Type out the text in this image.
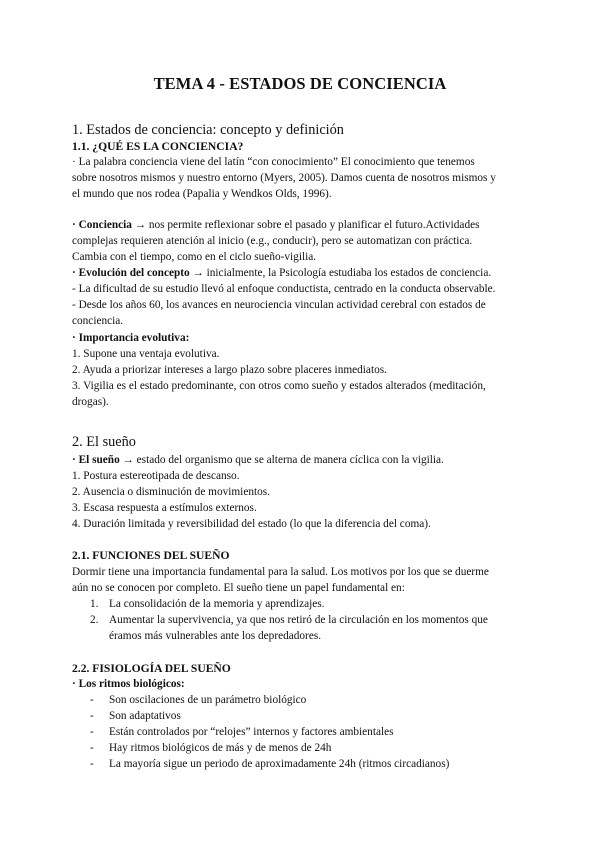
TEMA 4 - ESTADOS DE CONCIENCIA
1. Estados de conciencia: concepto y definición
1.1. ¿QUÉ ES LA CONCIENCIA?
· La palabra conciencia viene del latín “con conocimiento” El conocimiento que tenemos
sobre nosotros mismos y nuestro entorno (Myers, 2005). Damos cuenta de nosotros mismos y
el mundo que nos rodea (Papalia y Wendkos Olds, 1996).
· Conciencia → nos permite reflexionar sobre el pasado y planificar el futuro.Actividades
complejas requieren atención al inicio (e.g., conducir), pero se automatizan con práctica.
Cambia con el tiempo, como en el ciclo sueño-vigilia.
· Evolución del concepto → inicialmente, la Psicología estudiaba los estados de conciencia.
- La dificultad de su estudio llevó al enfoque conductista, centrado en la conducta observable.
- Desde los años 60, los avances en neurociencia vinculan actividad cerebral con estados de
conciencia.
· Importancia evolutiva:
1. Supone una ventaja evolutiva.
2. Ayuda a priorizar intereses a largo plazo sobre placeres inmediatos.
3. Vigilia es el estado predominante, con otros como sueño y estados alterados (meditación,
drogas).
2. El sueño
· El sueño → estado del organismo que se alterna de manera cíclica con la vigilia.
1. Postura estereotipada de descanso.
2. Ausencia o disminución de movimientos.
3. Escasa respuesta a estímulos externos.
4. Duración limitada y reversibilidad del estado (lo que la diferencia del coma).
2.1. FUNCIONES DEL SUEÑO
Dormir tiene una importancia fundamental para la salud. Los motivos por los que se duerme
aún no se conocen por completo. El sueño tiene un papel fundamental en:
1. La consolidación de la memoria y aprendizajes.
2. Aumentar la supervivencia, ya que nos retiró de la circulación en los momentos que
éramos más vulnerables ante los depredadores.
2.2. FISIOLOGÍA DEL SUEÑO
· Los ritmos biológicos:
- Son oscilaciones de un parámetro biológico
- Son adaptativos
- Están controlados por “relojes” internos y factores ambientales
- Hay ritmos biológicos de más y de menos de 24h
- La mayoría sigue un periodo de aproximadamente 24h (ritmos circadianos)
